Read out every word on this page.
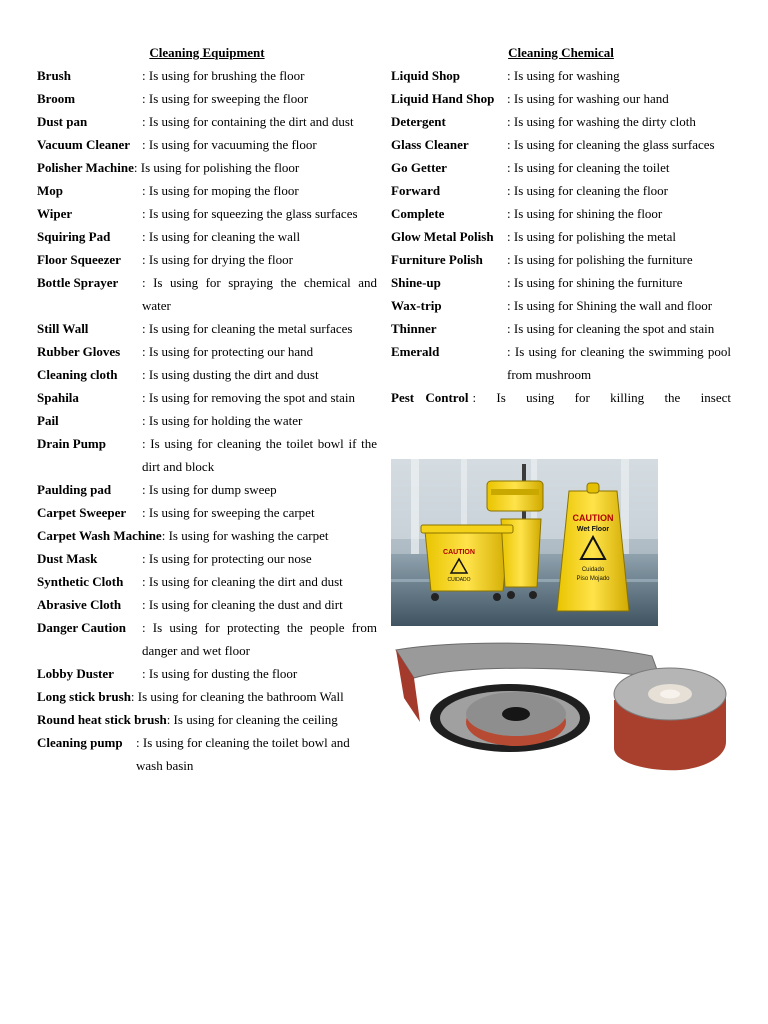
Cleaning Equipment
Brush	: Is using for brushing the floor
Broom	: Is using for sweeping the floor
Dust pan	: Is using for containing the dirt and dust
Vacuum Cleaner : Is using for vacuuming the floor
Polisher Machine : Is using for polishing the floor
Mop	: Is using for moping the floor
Wiper	: Is using for squeezing the glass surfaces
Squiring Pad	: Is using for cleaning the wall
Floor Squeezer	: Is using for drying the floor
Bottle Sprayer	: Is using for spraying the chemical and water
Still Wall	: Is using for cleaning the metal surfaces
Rubber Gloves	: Is using for protecting our hand
Cleaning cloth	: Is using dusting the dirt and dust
Spahila	: Is using for removing the spot and stain
Pail	: Is using for holding the water
Drain Pump	: Is using for cleaning the toilet bowl if the dirt and block
Paulding pad	: Is using for dump sweep
Carpet Sweeper	: Is using for sweeping the carpet
Carpet Wash Machine : Is using for washing the carpet
Dust Mask	: Is using for protecting our nose
Synthetic Cloth	: Is using for cleaning the dirt and dust
Abrasive Cloth	: Is using for cleaning the dust and dirt
Danger Caution	: Is using for protecting the people from danger and wet floor
Lobby Duster	: Is using for dusting the floor
Long stick brush : Is using for cleaning the bathroom Wall
Round heat stick brush : Is using for cleaning the ceiling
Cleaning pump	: Is using for cleaning the toilet bowl and wash basin
Cleaning Chemical
Liquid Shop	: Is using for washing
Liquid Hand Shop : Is using for washing our hand
Detergent	: Is using for washing the dirty cloth
Glass Cleaner	: Is using for cleaning the glass surfaces
Go Getter	: Is using for cleaning the toilet
Forward	: Is using for cleaning the floor
Complete	: Is using for shining the floor
Glow Metal Polish	: Is using for polishing the metal
Furniture Polish	: Is using for polishing the furniture
Shine-up	: Is using for shining the furniture
Wax-trip	: Is using for Shining the wall and floor
Thinner	: Is using for cleaning the spot and stain
Emerald	: Is using for cleaning the swimming pool from mushroom
Pest Control : Is using for killing the insect
CAUTION
CUIDADO
CAUTION
Wet Floor
Cuidado
Piso Mojado
